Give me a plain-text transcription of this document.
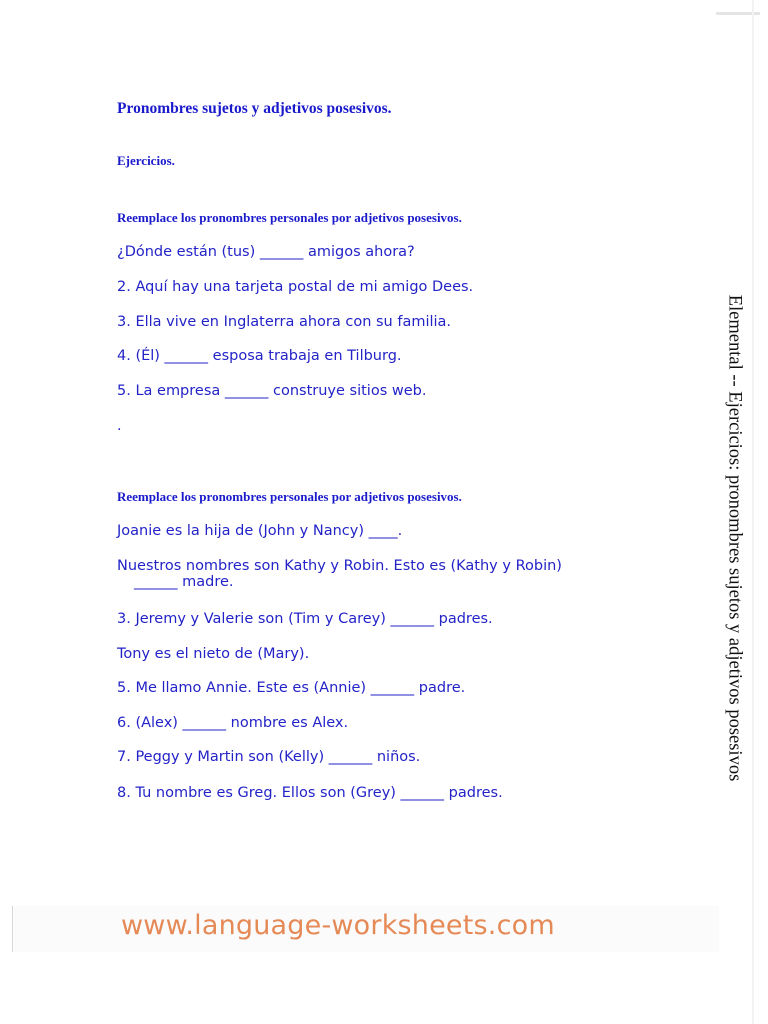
Pronombres sujetos y adjetivos posesivos.

Ejercicios.

Reemplace los pronombres personales por adjetivos posesivos.

¿Dónde están (tus) ______ amigos ahora?

2. Aquí hay una tarjeta postal de mi amigo Dees.

3. Ella vive en Inglaterra ahora con su familia.

4. (Él) ______ esposa trabaja en Tilburg.

5. La empresa ______ construye sitios web.

.

Reemplace los pronombres personales por adjetivos posesivos.

Joanie es la hija de (John y Nancy) ____.

Nuestros nombres son Kathy y Robin. Esto es (Kathy y Robin)
______ madre.

3. Jeremy y Valerie son (Tim y Carey) ______ padres.

Tony es el nieto de (Mary).

5. Me llamo Annie. Este es (Annie) ______ padre.

6. (Alex) ______ nombre es Alex.

7. Peggy y Martin son (Kelly) ______ niños.

8. Tu nombre es Greg. Ellos son (Grey) ______ padres.

Elemental -- Ejercicios: pronombres sujetos y adjetivos posesivos

www.language-worksheets.com
